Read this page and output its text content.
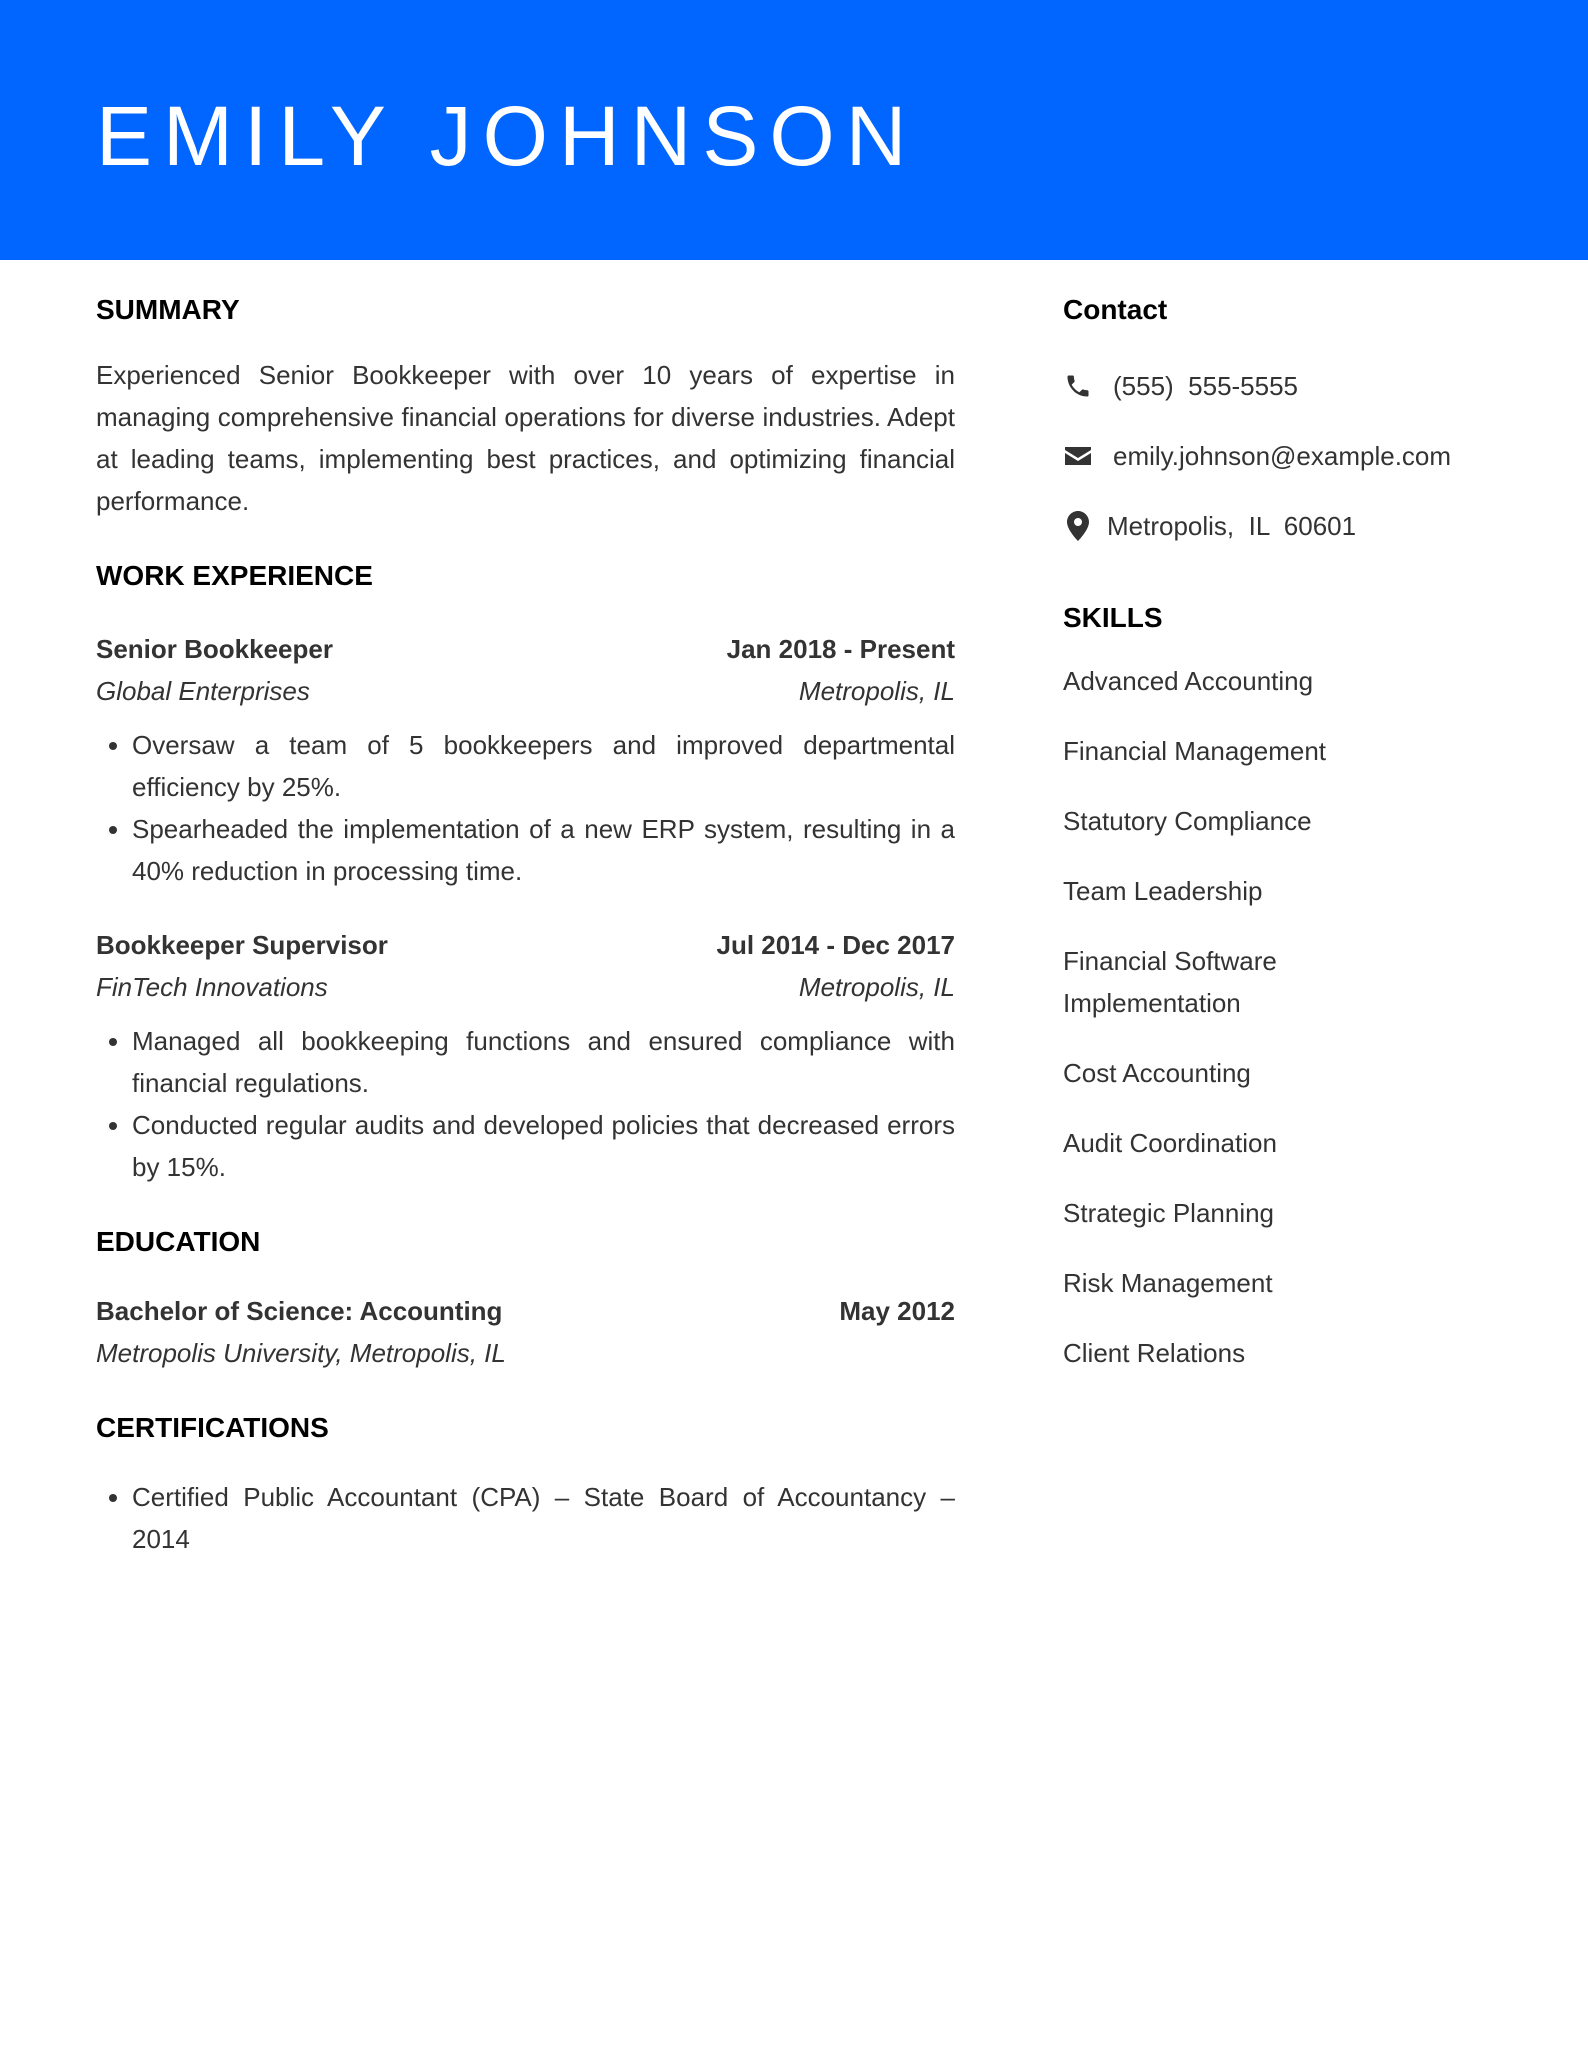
EMILY JOHNSON
SUMMARY

Experienced Senior Bookkeeper with over 10 years of expertise in managing comprehensive financial operations for diverse industries. Adept at leading teams, implementing best practices, and optimizing financial performance.

WORK EXPERIENCE
Senior Bookkeeper	Jan 2018 - Present
Global Enterprises	Metropolis, IL
• Oversaw a team of 5 bookkeepers and improved departmental efficiency by 25%.
• Spearheaded the implementation of a new ERP system, resulting in a 40% reduction in processing time.
Bookkeeper Supervisor	Jul 2014 - Dec 2017
FinTech Innovations	Metropolis, IL
• Managed all bookkeeping functions and ensured compliance with financial regulations.
• Conducted regular audits and developed policies that decreased errors by 15%.
EDUCATION
Bachelor of Science: Accounting	May 2012
Metropolis University, Metropolis, IL
CERTIFICATIONS
• Certified Public Accountant (CPA) – State Board of Accountancy – 2014
Contact
(555)  555-5555
emily.johnson@example.com
Metropolis,  IL  60601
SKILLS
Advanced Accounting
Financial Management
Statutory Compliance
Team Leadership
Financial Software Implementation
Cost Accounting
Audit Coordination
Strategic Planning
Risk Management
Client Relations
